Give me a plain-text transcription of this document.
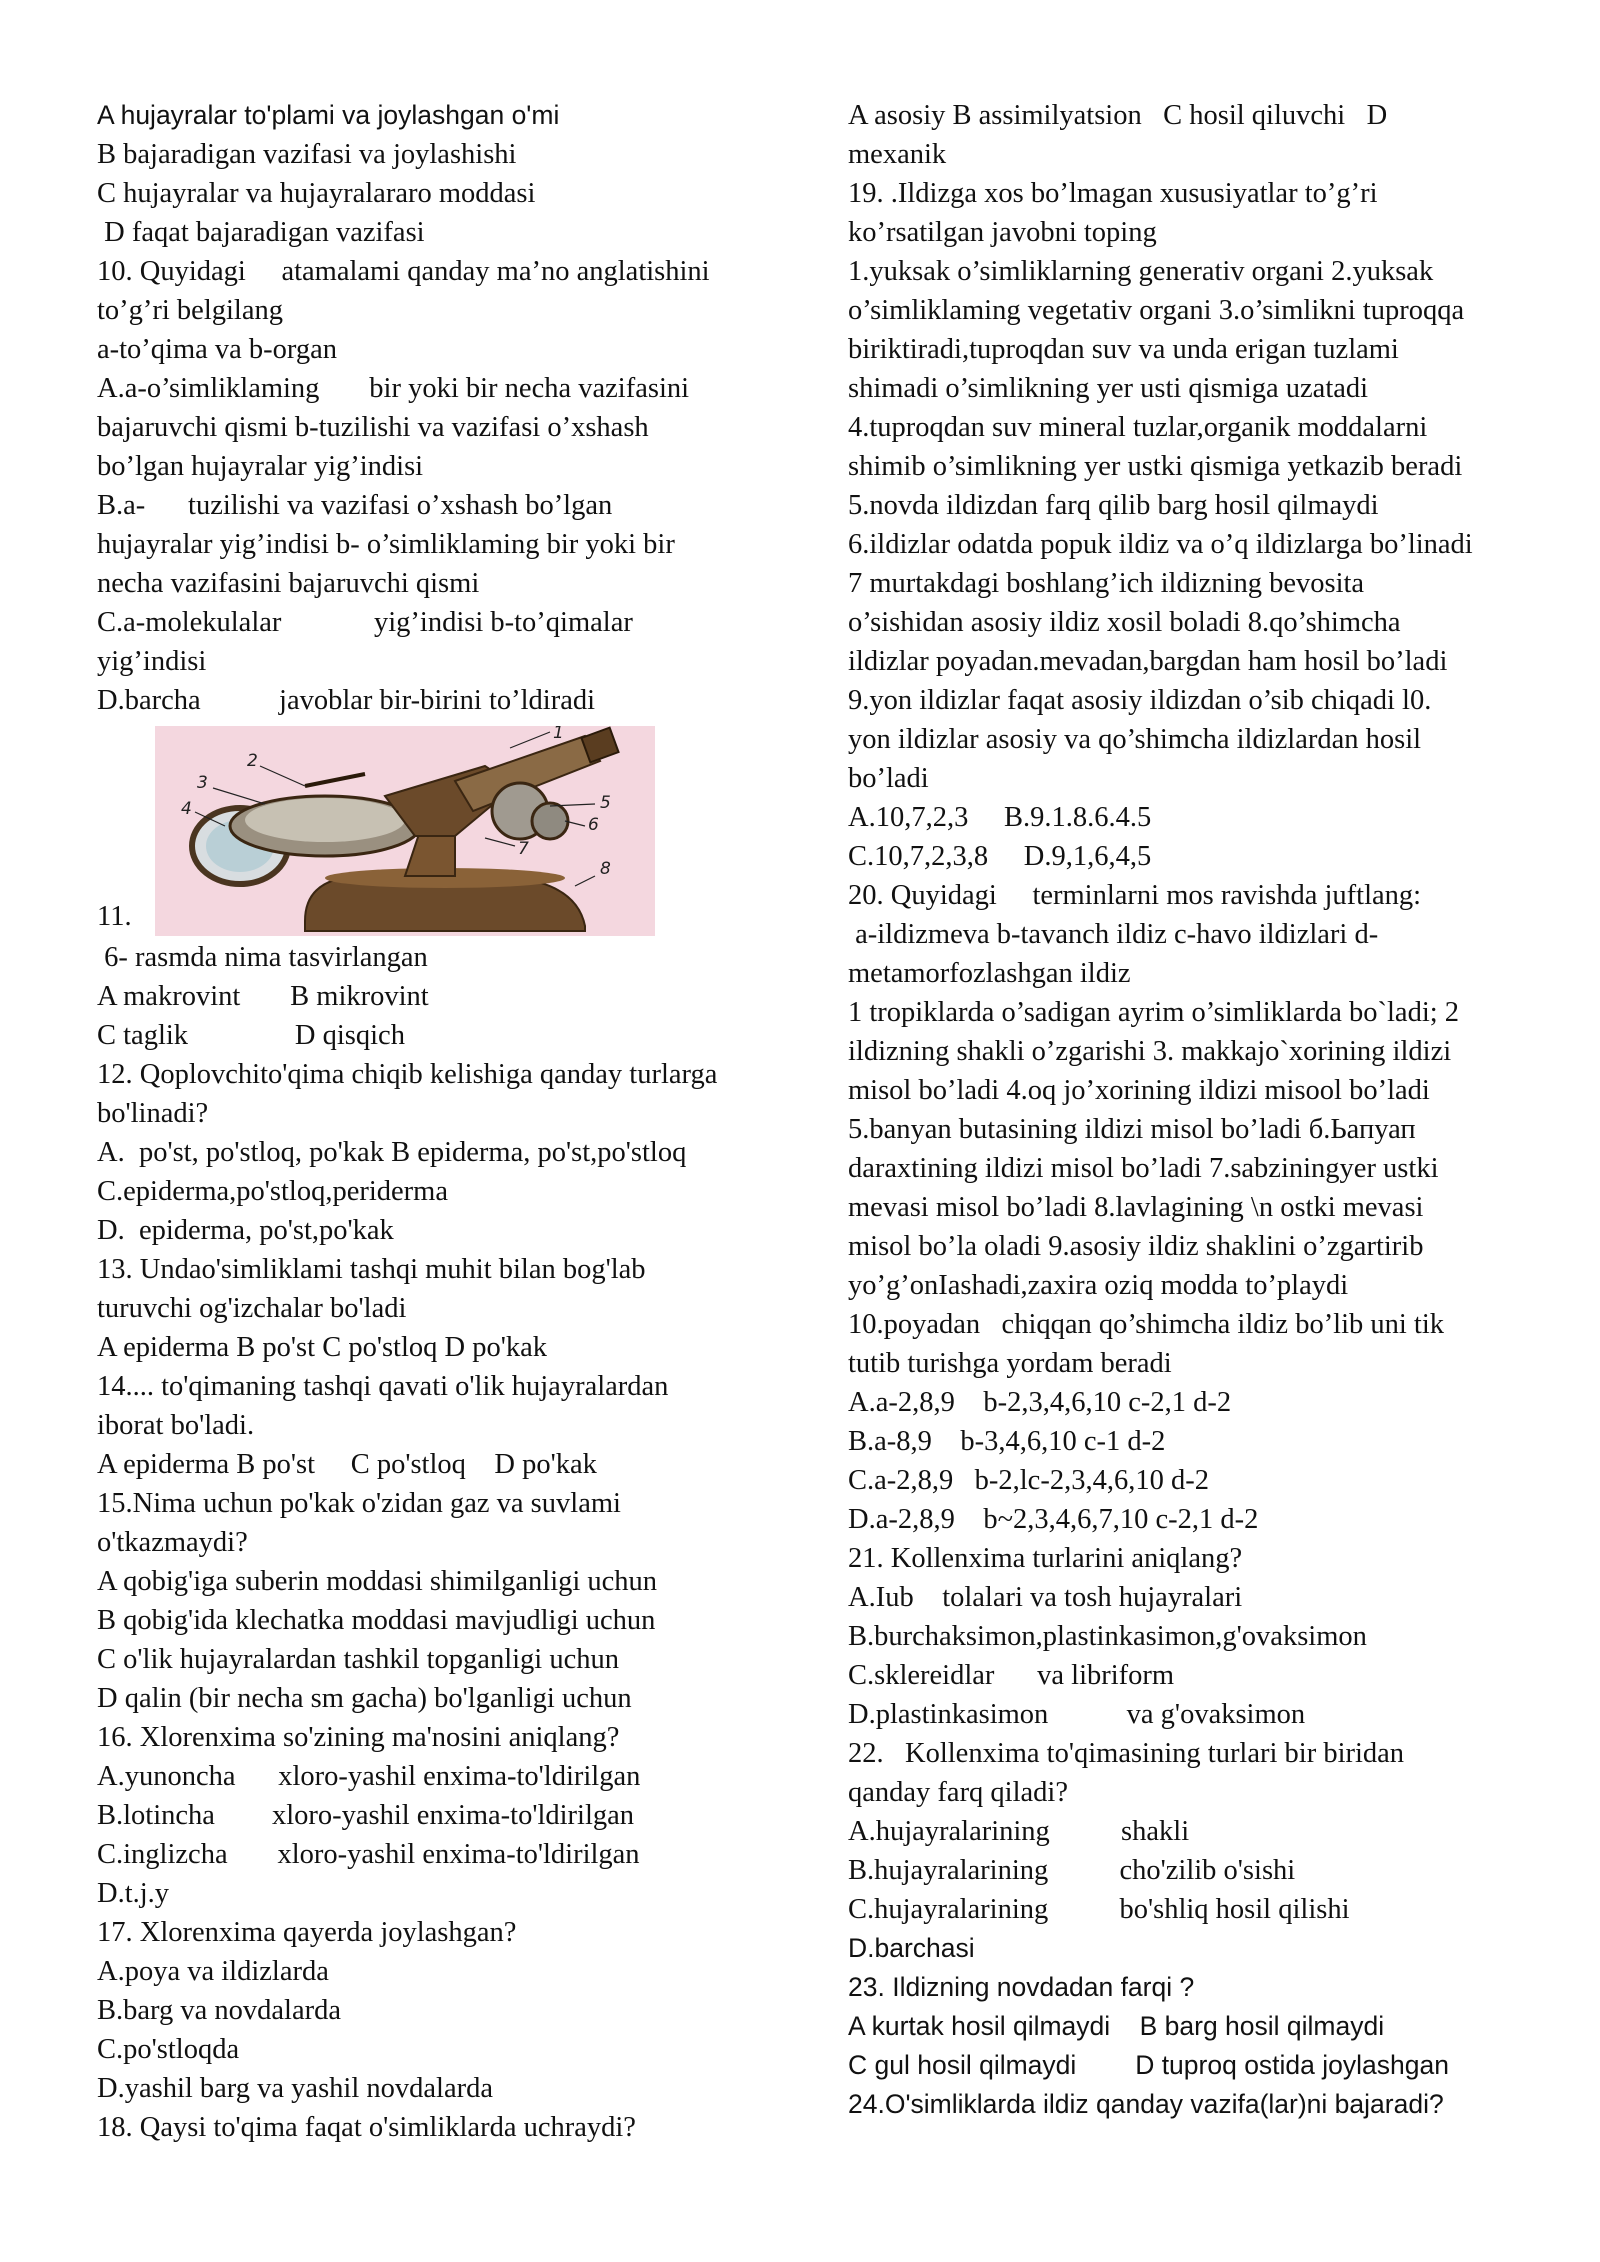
A hujayralar to'plami va joylashgan o'mi
B bajaradigan vazifasi va joylashishi
C hujayralar va hujayralararo moddasi
D faqat bajaradigan vazifasi
10. Quyidagi     atamalami qanday ma’no anglatishini
to’g’ri belgilang
a-to’qima va b-organ
A.a-o’simliklaming       bir yoki bir necha vazifasini
bajaruvchi qismi b-tuzilishi va vazifasi o’xshash
bo’lgan hujayralar yig’indisi
B.a-      tuzilishi va vazifasi o’xshash bo’lgan
hujayralar yig’indisi b- o’simliklaming bir yoki bir
necha vazifasini bajaruvchi qismi
C.a-molekulalar             yig’indisi b-to’qimalar
yig’indisi
D.barcha           javoblar bir-birini to’ldiradi
11.
1
2
3
4	5
6
7
8
6- rasmda nima tasvirlangan
A makrovint       B mikrovint
C taglik               D qisqich
12. Qoplovchito'qima chiqib kelishiga qanday turlarga
bo'linadi?
A.  po'st, po'stloq, po'kak B epiderma, po'st,po'stloq
C.epiderma,po'stloq,periderma
D.  epiderma, po'st,po'kak
13. Undao'simliklami tashqi muhit bilan bog'lab
turuvchi og'izchalar bo'ladi
A epiderma B po'st C po'stloq D po'kak
14.... to'qimaning tashqi qavati o'lik hujayralardan
iborat bo'ladi.
A epiderma B po'st     C po'stloq    D po'kak
15.Nima uchun po'kak o'zidan gaz va suvlami
o'tkazmaydi?
A qobig'iga suberin moddasi shimilganligi uchun
B qobig'ida klechatka moddasi mavjudligi uchun
C o'lik hujayralardan tashkil topganligi uchun
D qalin (bir necha sm gacha) bo'lganligi uchun
16. Xlorenxima so'zining ma'nosini aniqlang?
A.yunoncha      xloro-yashil enxima-to'ldirilgan
B.lotincha        xloro-yashil enxima-to'ldirilgan
C.inglizcha       xloro-yashil enxima-to'ldirilgan
D.t.j.y
17. Xlorenxima qayerda joylashgan?
A.poya va ildizlarda
B.barg va novdalarda
C.po'stloqda
D.yashil barg va yashil novdalarda
18. Qaysi to'qima faqat o'simliklarda uchraydi?
A asosiy B assimilyatsion   C hosil qiluvchi   D
mexanik
19. .Ildizga xos bo’lmagan xususiyatlar to’g’ri
ko’rsatilgan javobni toping
1.yuksak o’simliklarning generativ organi 2.yuksak
o’simliklaming vegetativ organi 3.o’simlikni tuproqqa
biriktiradi,tuproqdan suv va unda erigan tuzlami
shimadi o’simlikning yer usti qismiga uzatadi
4.tuproqdan suv mineral tuzlar,organik moddalarni
shimib o’simlikning yer ustki qismiga yetkazib beradi
5.novda ildizdan farq qilib barg hosil qilmaydi
6.ildizlar odatda popuk ildiz va o’q ildizlarga bo’linadi
7 murtakdagi boshlang’ich ildizning bevosita
o’sishidan asosiy ildiz xosil boladi 8.qo’shimcha
ildizlar poyadan.mevadan,bargdan ham hosil bo’ladi
9.yon ildizlar faqat asosiy ildizdan o’sib chiqadi l0.
yon ildizlar asosiy va qo’shimcha ildizlardan hosil
bo’ladi
A.10,7,2,3     B.9.1.8.6.4.5
C.10,7,2,3,8     D.9,1,6,4,5
20. Quyidagi     terminlarni mos ravishda juftlang:
a-ildizmeva b-tavanch ildiz c-havo ildizlari d-
metamorfozlashgan ildiz
1 tropiklarda o’sadigan ayrim o’simliklarda bo`ladi; 2
ildizning shakli o’zgarishi 3. makkajo`xorining ildizi
misol bo’ladi 4.oq jo’xorining ildizi misool bo’ladi
5.banyan butasining ildizi misol bo’ladi б.Ьапуап
daraxtining ildizi misol bo’ladi 7.sabziningyer ustki
mevasi misol bo’ladi 8.lavlagining \n ostki mevasi
misol bo’la oladi 9.asosiy ildiz shaklini o’zgartirib
yo’g’onIashadi,zaxira oziq modda to’playdi
10.poyadan   chiqqan qo’shimcha ildiz bo’lib uni tik
tutib turishga yordam beradi
A.a-2,8,9    b-2,3,4,6,10 c-2,1 d-2
B.a-8,9    b-3,4,6,10 c-1 d-2
C.a-2,8,9   b-2,lc-2,3,4,6,10 d-2
D.a-2,8,9    b~2,3,4,6,7,10 c-2,1 d-2
21. Kollenxima turlarini aniqlang?
A.Iub    tolalari va tosh hujayralari
B.burchaksimon,plastinkasimon,g'ovaksimon
C.sklereidlar      va libriform
D.plastinkasimon           va g'ovaksimon
22.   Kollenxima to'qimasining turlari bir biridan
qanday farq qiladi?
A.hujayralarining          shakli
B.hujayralarining          cho'zilib o'sishi
C.hujayralarining          bo'shliq hosil qilishi
D.barchasi
23. Ildizning novdadan farqi ?
A kurtak hosil qilmaydi    B barg hosil qilmaydi
C gul hosil qilmaydi        D tuproq ostida joylashgan
24.O'simliklarda ildiz qanday vazifa(lar)ni bajaradi?
